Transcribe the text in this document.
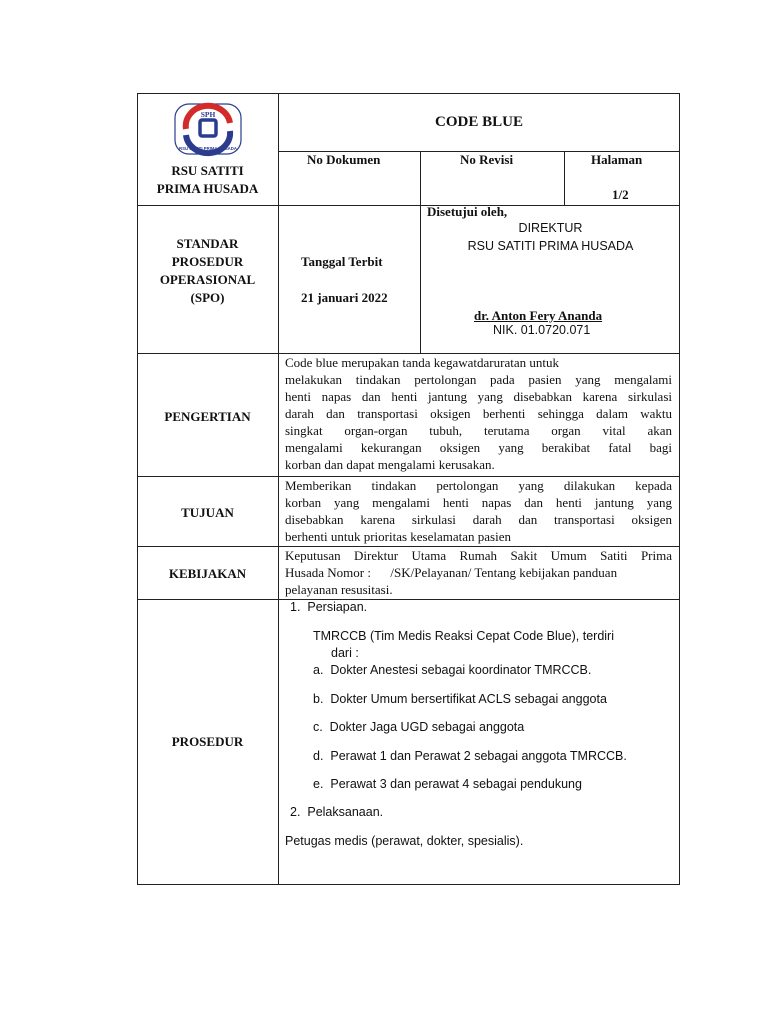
SPH
RSU SATITI PRIMA HUSADA
RSU SATITI
PRIMA HUSADA
CODE BLUE
No Dokumen	No Revisi	Halaman
1/2
STANDAR
PROSEDUR
OPERASIONAL
(SPO)
Tanggal Terbit
21 januari 2022
Disetujui oleh,
DIREKTUR
RSU SATITI PRIMA HUSADA
dr. Anton Fery Ananda
NIK. 01.0720.071
PENGERTIAN
Code blue merupakan tanda kegawatdaruratan untuk
melakukan tindakan pertolongan pada pasien yang mengalami
henti napas dan henti jantung yang disebabkan karena sirkulasi
darah dan transportasi oksigen berhenti sehingga dalam waktu
singkat organ-organ tubuh, terutama organ vital akan
mengalami kekurangan oksigen yang berakibat fatal bagi
korban dan dapat mengalami kerusakan.
TUJUAN
Memberikan tindakan pertolongan yang dilakukan kepada
korban yang mengalami henti napas dan henti jantung yang
disebabkan karena sirkulasi darah dan transportasi oksigen
berhenti untuk prioritas keselamatan pasien
KEBIJAKAN
Keputusan Direktur Utama Rumah Sakit Umum Satiti Prima
Husada Nomor :      /SK/Pelayanan/ Tentang kebijakan panduan
pelayanan resusitasi.
PROSEDUR
1.  Persiapan.
TMRCCB (Tim Medis Reaksi Cepat Code Blue), terdiri
dari :
a.  Dokter Anestesi sebagai koordinator TMRCCB.
b.  Dokter Umum bersertifikat ACLS sebagai anggota
c.  Dokter Jaga UGD sebagai anggota
d.  Perawat 1 dan Perawat 2 sebagai anggota TMRCCB.
e.  Perawat 3 dan perawat 4 sebagai pendukung
2.  Pelaksanaan.
Petugas medis (perawat, dokter, spesialis).
